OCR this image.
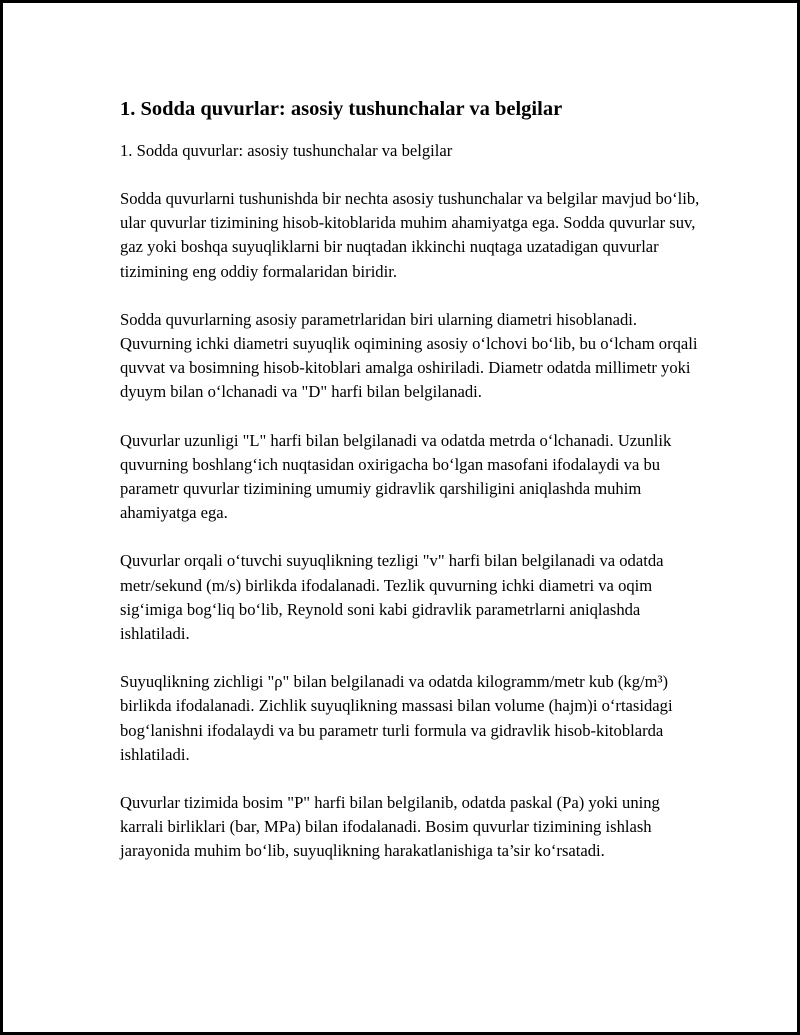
1. Sodda quvurlar: asosiy tushunchalar va belgilar

1. Sodda quvurlar: asosiy tushunchalar va belgilar

Sodda quvurlarni tushunishda bir nechta asosiy tushunchalar va belgilar mavjud bo‘lib, ular quvurlar tizimining hisob-kitoblarida muhim ahamiyatga ega. Sodda quvurlar suv, gaz yoki boshqa suyuqliklarni bir nuqtadan ikkinchi nuqtaga uzatadigan quvurlar tizimining eng oddiy formalaridan biridir.

Sodda quvurlarning asosiy parametrlaridan biri ularning diametri hisoblanadi. Quvurning ichki diametri suyuqlik oqimining asosiy o‘lchovi bo‘lib, bu o‘lcham orqali quvvat va bosimning hisob-kitoblari amalga oshiriladi. Diametr odatda millimetr yoki dyuym bilan o‘lchanadi va "D" harfi bilan belgilanadi.

Quvurlar uzunligi "L" harfi bilan belgilanadi va odatda metrda o‘lchanadi. Uzunlik quvurning boshlang‘ich nuqtasidan oxirigacha bo‘lgan masofani ifodalaydi va bu parametr quvurlar tizimining umumiy gidravlik qarshiligini aniqlashda muhim ahamiyatga ega.

Quvurlar orqali o‘tuvchi suyuqlikning tezligi "v" harfi bilan belgilanadi va odatda metr/sekund (m/s) birlikda ifodalanadi. Tezlik quvurning ichki diametri va oqim sig‘imiga bog‘liq bo‘lib, Reynold soni kabi gidravlik parametrlarni aniqlashda ishlatiladi.

Suyuqlikning zichligi "ρ" bilan belgilanadi va odatda kilogramm/metr kub (kg/m³) birlikda ifodalanadi. Zichlik suyuqlikning massasi bilan volume (hajm)i o‘rtasidagi bog‘lanishni ifodalaydi va bu parametr turli formula va gidravlik hisob-kitoblarda ishlatiladi.

Quvurlar tizimida bosim "P" harfi bilan belgilanib, odatda paskal (Pa) yoki uning karrali birliklari (bar, MPa) bilan ifodalanadi. Bosim quvurlar tizimining ishlash jarayonida muhim bo‘lib, suyuqlikning harakatlanishiga ta’sir ko‘rsatadi.
